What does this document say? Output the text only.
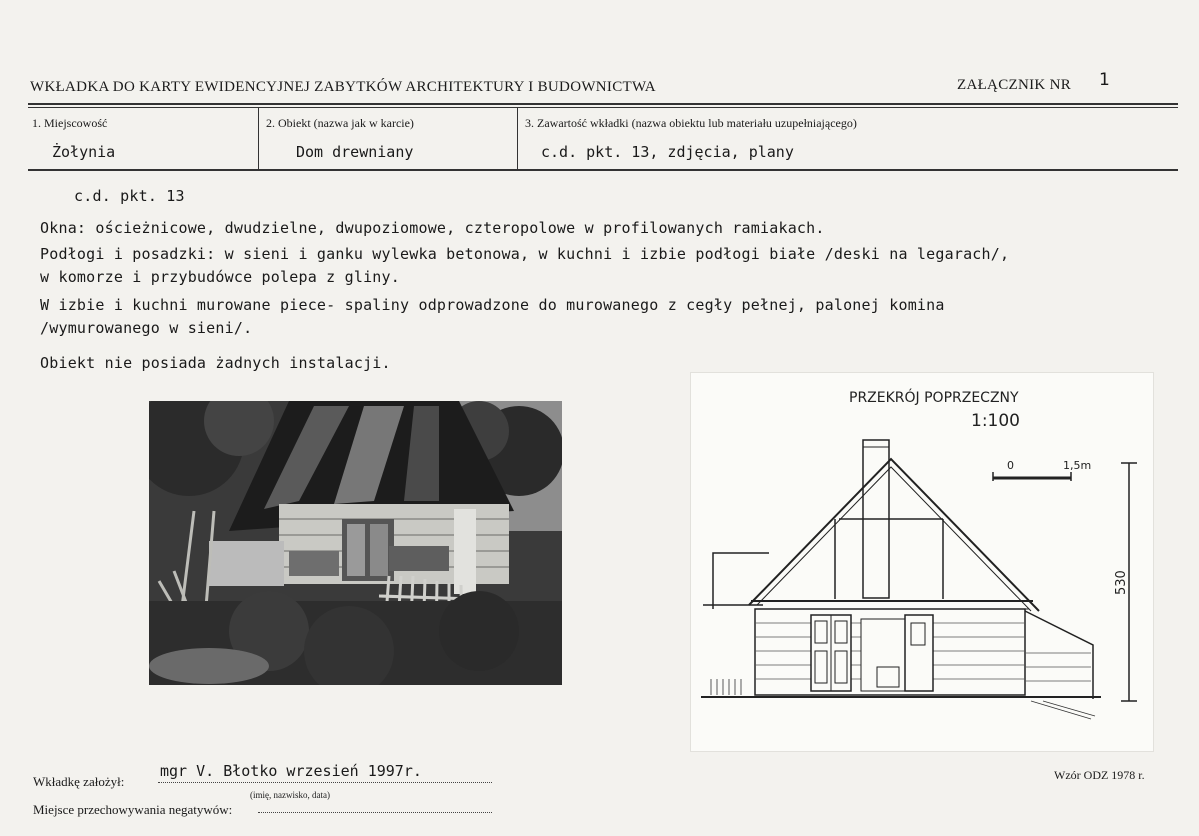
WKŁADKA DO KARTY EWIDENCYJNEJ ZABYTKÓW ARCHITEKTURY I BUDOWNICTWA	ZAŁĄCZNIK NR 1
1. Miejscowość
Żołynia
2. Obiekt (nazwa jak w karcie)
Dom drewniany
3. Zawartość wkładki (nazwa obiektu lub materiału uzupełniającego)
c.d. pkt. 13, zdjęcia, plany
c.d. pkt. 13
Okna: ościeżnicowe, dwudzielne, dwupoziomowe, czteropolowe w profilowanych ramiakach.
Podłogi i posadzki: w sieni i ganku wylewka betonowa, w kuchni i izbie podłogi białe /deski na legarach/,
w komorze i przybudówce polepa z gliny.
W izbie i kuchni murowane piece- spaliny odprowadzone do murowanego z cegły pełnej, palonej komina
/wymurowanego w sieni/.
Obiekt nie posiada żadnych instalacji.
PRZEKRÓJ POPRZECZNY
1:100
0	1,5m
530
Wkładkę założył:
mgr V. Błotko wrzesień 1997r.
(imię, nazwisko, data)
Miejsce przechowywania negatywów:
Wzór ODZ 1978 r.
